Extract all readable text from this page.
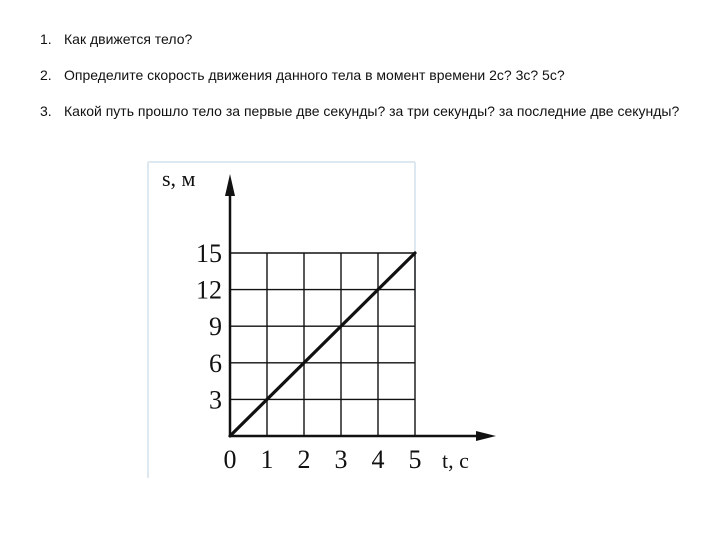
1. Как движется тело?
2. Определите скорость движения данного тела в момент времени 2с? 3с? 5с?
3. Какой путь прошло тело за первые две секунды? за три секунды? за последние две секунды?
0 1 2 3 4 5
3
6
9
12
15
s, м
t, с
